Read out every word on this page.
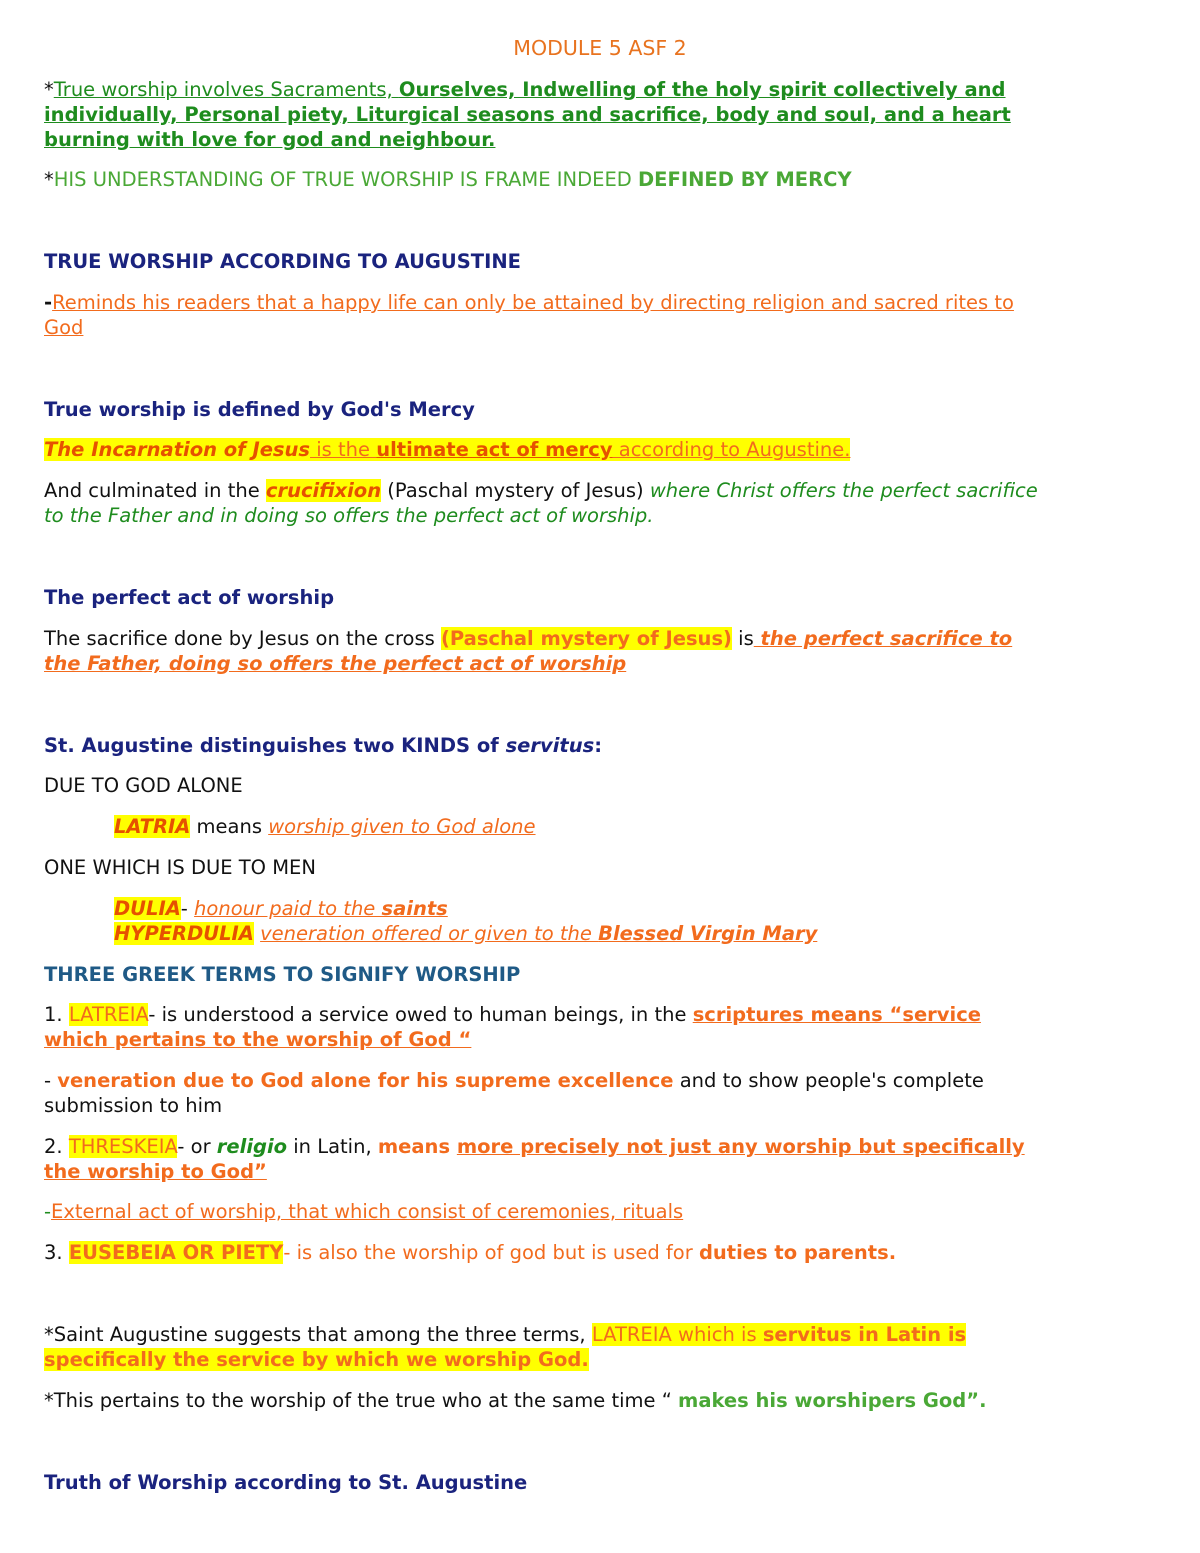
MODULE 5 ASF 2
*True worship involves Sacraments, Ourselves, Indwelling of the holy spirit collectively and
individually, Personal piety, Liturgical seasons and sacrifice, body and soul, and a heart
burning with love for god and neighbour.
*HIS UNDERSTANDING OF TRUE WORSHIP IS FRAME INDEED DEFINED BY MERCY
TRUE WORSHIP ACCORDING TO AUGUSTINE
-Reminds his readers that a happy life can only be attained by directing religion and sacred rites to
God
True worship is defined by God's Mercy
The Incarnation of Jesus is the ultimate act of mercy according to Augustine.
And culminated in the crucifixion (Paschal mystery of Jesus) where Christ offers the perfect sacrifice
to the Father and in doing so offers the perfect act of worship.
The perfect act of worship
The sacrifice done by Jesus on the cross (Paschal mystery of Jesus) is the perfect sacrifice to
the Father, doing so offers the perfect act of worship
St. Augustine distinguishes two KINDS of servitus:
DUE TO GOD ALONE
LATRIA means worship given to God alone
ONE WHICH IS DUE TO MEN
DULIA- honour paid to the saints
HYPERDULIA veneration offered or given to the Blessed Virgin Mary
THREE GREEK TERMS TO SIGNIFY WORSHIP
1. LATREIA- is understood a service owed to human beings, in the scriptures means “service
which pertains to the worship of God “
- veneration due to God alone for his supreme excellence and to show people's complete
submission to him
2. THRESKEIA- or religio in Latin, means more precisely not just any worship but specifically
the worship to God”
-External act of worship, that which consist of ceremonies, rituals
3. EUSEBEIA OR PIETY- is also the worship of god but is used for duties to parents.
*Saint Augustine suggests that among the three terms, LATREIA which is servitus in Latin is
specifically the service by which we worship God.
*This pertains to the worship of the true who at the same time “ makes his worshipers God”.
Truth of Worship according to St. Augustine
